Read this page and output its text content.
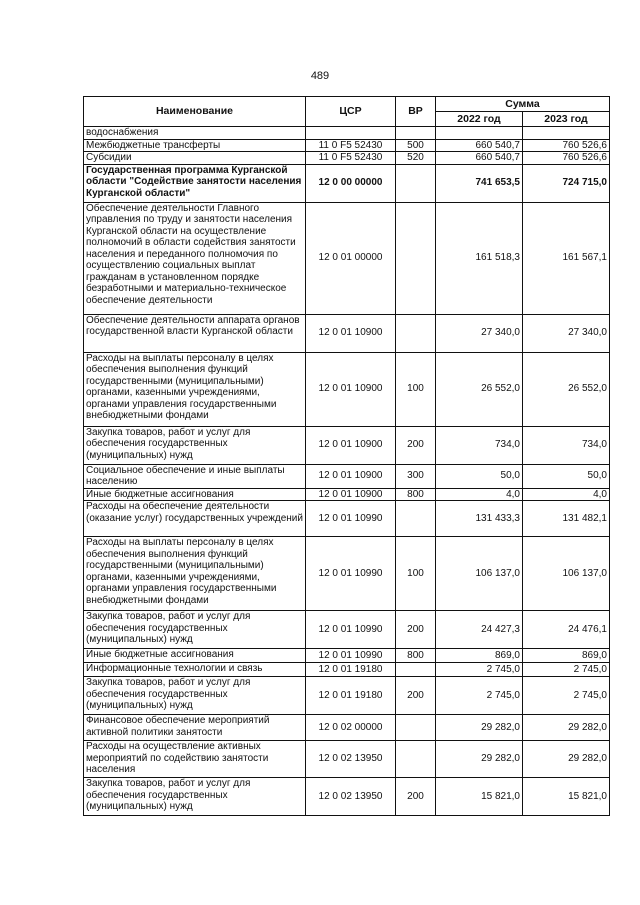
489
Наименование	ЦСР	ВР	Сумма	
			2022 год	2023 год
водоснабжения				
Межбюджетные трансферты	11 0 F5 52430	500	660 540,7	760 526,6
Субсидии	11 0 F5 52430	520	660 540,7	760 526,6
Государственная программа Курганской области "Содействие занятости населения Курганской области"	12 0 00 00000		741 653,5	724 715,0
Обеспечение деятельности Главного управления по труду и занятости населения Курганской области на осуществление полномочий в области содействия занятости населения и переданного полномочия по осуществлению социальных выплат гражданам в установленном порядке безработными и материально-техническое обеспечение деятельности	12 0 01 00000		161 518,3	161 567,1
Обеспечение деятельности аппарата органов государственной власти Курганской области	12 0 01 10900		27 340,0	27 340,0
Расходы на выплаты персоналу в целях обеспечения выполнения функций государственными (муниципальными) органами, казенными учреждениями, органами управления государственными внебюджетными фондами	12 0 01 10900	100	26 552,0	26 552,0
Закупка товаров, работ и услуг для обеспечения государственных (муниципальных) нужд	12 0 01 10900	200	734,0	734,0
Социальное обеспечение и иные выплаты населению	12 0 01 10900	300	50,0	50,0
Иные бюджетные ассигнования	12 0 01 10900	800	4,0	4,0
Расходы на обеспечение деятельности (оказание услуг) государственных учреждений	12 0 01 10990		131 433,3	131 482,1
Расходы на выплаты персоналу в целях обеспечения выполнения функций государственными (муниципальными) органами, казенными учреждениями, органами управления государственными внебюджетными фондами	12 0 01 10990	100	106 137,0	106 137,0
Закупка товаров, работ и услуг для обеспечения государственных (муниципальных) нужд	12 0 01 10990	200	24 427,3	24 476,1
Иные бюджетные ассигнования	12 0 01 10990	800	869,0	869,0
Информационные технологии и связь	12 0 01 19180		2 745,0	2 745,0
Закупка товаров, работ и услуг для обеспечения государственных (муниципальных) нужд	12 0 01 19180	200	2 745,0	2 745,0
Финансовое обеспечение мероприятий активной политики занятости	12 0 02 00000		29 282,0	29 282,0
Расходы на осуществление активных мероприятий по содействию занятости населения	12 0 02 13950		29 282,0	29 282,0
Закупка товаров, работ и услуг для обеспечения государственных (муниципальных) нужд	12 0 02 13950	200	15 821,0	15 821,0
